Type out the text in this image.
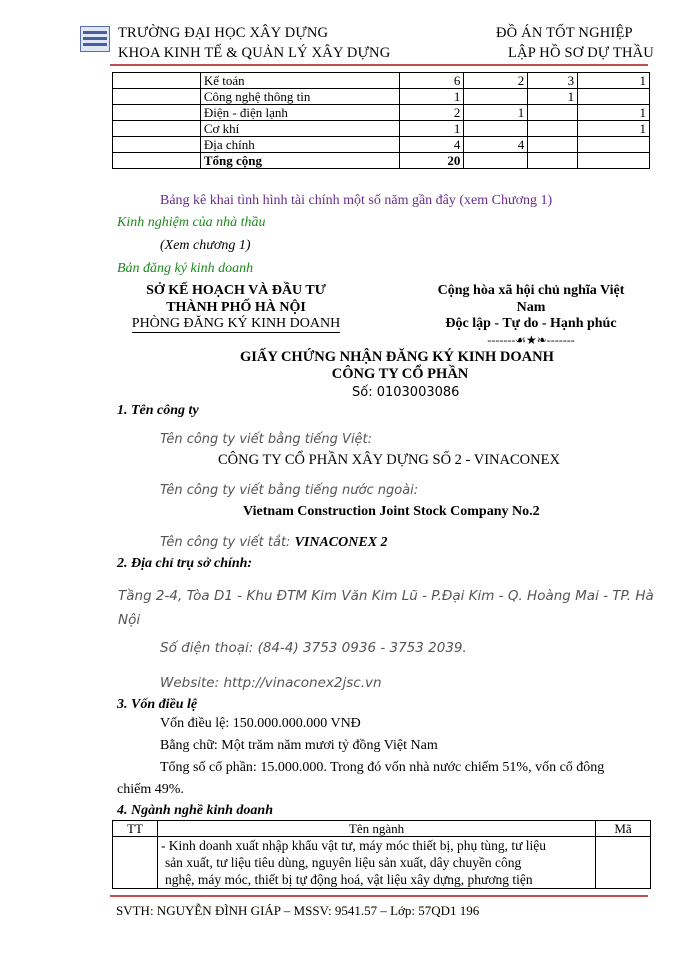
TRƯỜNG ĐẠI HỌC XÂY DỰNG
KHOA KINH TẾ & QUẢN LÝ XÂY DỰNG
ĐỒ ÁN TỐT NGHIỆP
LẬP HỒ SƠ DỰ THẦU
	Kế toán	6	2	3	1
	Công nghệ thông tin	1		1	
	Điện - điện lạnh	2	1		1
	Cơ khí	1			1
	Địa chính	4	4		
	Tổng cộng	20			
Bảng kê khai tình hình tài chính một số năm gần đây (xem Chương 1)
Kinh nghiệm của nhà thầu
(Xem chương 1)
Bản đăng ký kinh doanh
SỞ KẾ HOẠCH VÀ ĐẦU TƯ
THÀNH PHỐ HÀ NỘI
PHÒNG ĐĂNG KÝ KINH DOANH
Cộng hòa xã hội chủ nghĩa Việt
Nam
Độc lập - Tự do - Hạnh phúc
-------☙★❧-------
GIẤY CHỨNG NHẬN ĐĂNG KÝ KINH DOANH
CÔNG TY CỔ PHẦN
Số: 0103003086
1. Tên công ty
Tên công ty viết bằng tiếng Việt:
CÔNG TY CỔ PHẦN XÂY DỰNG SỐ 2 - VINACONEX
Tên công ty viết bằng tiếng nước ngoài:
Vietnam Construction Joint Stock Company No.2
Tên công ty viết tắt: VINACONEX 2
2. Địa chỉ trụ sở chính:
Tầng 2-4, Tòa D1 - Khu ĐTM Kim Văn Kim Lũ - P.Đại Kim - Q. Hoàng Mai - TP. Hà
Nội
Số điện thoại: (84-4) 3753 0936 - 3753 2039.
Website: http://vinaconex2jsc.vn
3. Vốn điều lệ
Vốn điều lệ: 150.000.000.000 VNĐ
Bằng chữ: Một trăm năm mươi tỷ đồng Việt Nam
Tổng số cổ phần: 15.000.000. Trong đó vốn nhà nước chiếm 51%, vốn cổ đông
chiếm 49%.
4. Ngành nghề kinh doanh
TT	Tên ngành	Mã

	- Kinh doanh xuất nhập khẩu vật tư, máy móc thiết bị, phụ tùng, tư liệu
sản xuất, tư liệu tiêu dùng, nguyên liệu sản xuất, dây chuyền công
nghệ, máy móc, thiết bị tự động hoá, vật liệu xây dựng, phương tiện	

SVTH: NGUYỄN ĐÌNH GIÁP – MSSV: 9541.57 – Lớp: 57QD1 196
